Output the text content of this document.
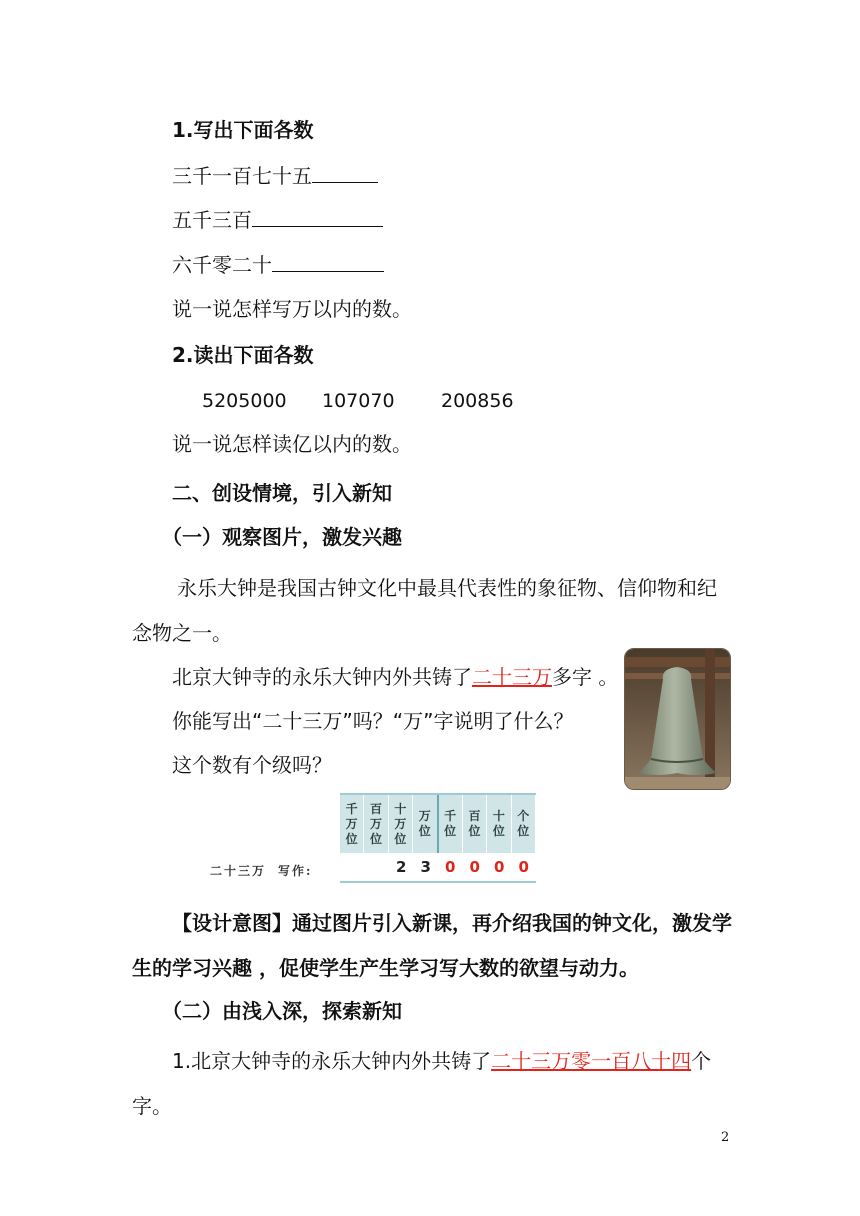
1.写出下面各数
三千一百七十五
五千三百
六千零二十
说一说怎样写万以内的数。
2.读出下面各数
5205000 107070 200856
说一说怎样读亿以内的数。
二、创设情境，引入新知
（一）观察图片，激发兴趣
永乐大钟是我国古钟文化中最具代表性的象征物、信仰物和纪
念物之一。
北京大钟寺的永乐大钟内外共铸了二十三万多字 。
你能写出“二十三万”吗？“万”字说明了什么？
这个数有个级吗？
千
万
位
百
万
位
十
万
位
万
位
千
位
百
位
十
位
个
位
2 3 0 0 0 0
二十三万 写作:
【设计意图】通过图片引入新课，再介绍我国的钟文化，激发学
生的学习兴趣 ，促使学生产生学习写大数的欲望与动力。
（二）由浅入深，探索新知
1.北京大钟寺的永乐大钟内外共铸了二十三万零一百八十四个
字。
2
